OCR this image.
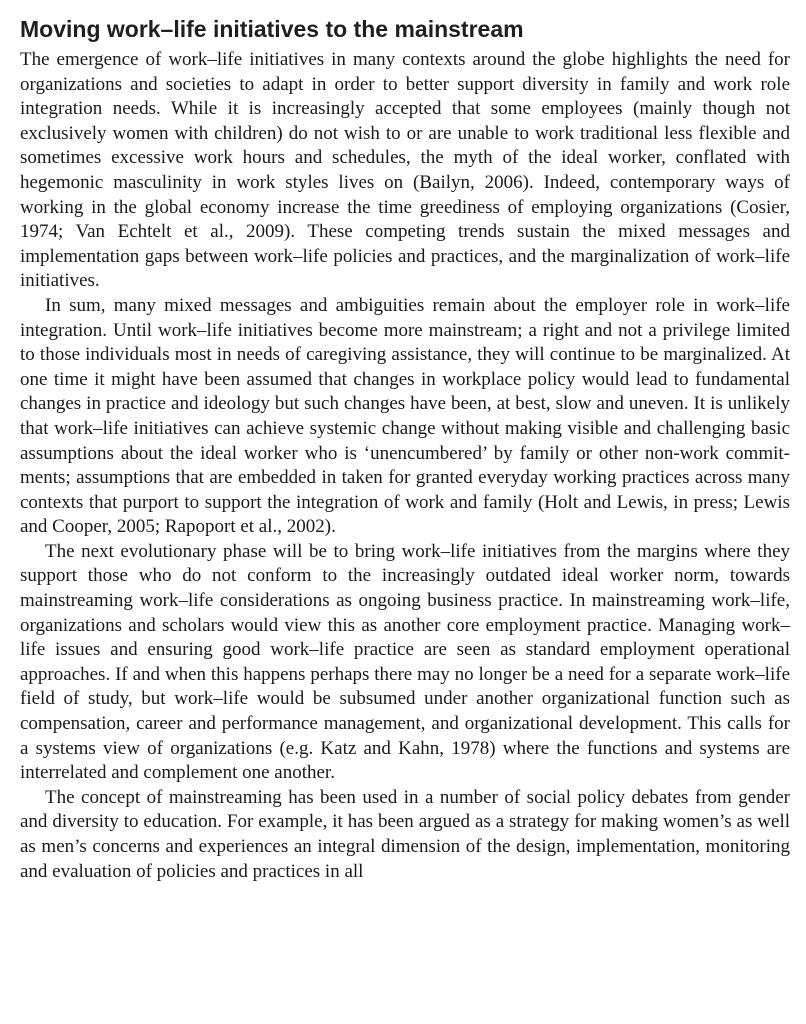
Moving work–life initiatives to the mainstream

The emergence of work–life initiatives in many contexts around the globe highlights the need for organizations and societies to adapt in order to better support diversity in family and work role integration needs. While it is increasingly accepted that some employees (mainly though not exclusively women with children) do not wish to or are unable to work traditional less flexible and sometimes excessive work hours and schedules, the myth of the ideal worker, conflated with hegemonic masculinity in work styles lives on (Bailyn, 2006). Indeed, contemporary ways of working in the global economy increase the time greediness of employing organizations (Cosier, 1974; Van Echtelt et al., 2009). These competing trends sustain the mixed messages and implementation gaps between work–life policies and practices, and the marginalization of work–life initiatives.

In sum, many mixed messages and ambiguities remain about the employer role in work–life integration. Until work–life initiatives become more mainstream; a right and not a privilege limited to those individuals most in needs of caregiving assistance, they will continue to be marginalized. At one time it might have been assumed that changes in workplace policy would lead to fundamental changes in practice and ideology but such changes have been, at best, slow and uneven. It is unlikely that work–life initiatives can achieve systemic change without making visible and challenging basic assumptions about the ideal worker who is ‘unencumbered’ by family or other non-work commitments; assumptions that are embedded in taken for granted everyday working practices across many contexts that purport to support the integration of work and family (Holt and Lewis, in press; Lewis and Cooper, 2005; Rapoport et al., 2002).

The next evolutionary phase will be to bring work–life initiatives from the margins where they support those who do not conform to the increasingly outdated ideal worker norm, towards mainstreaming work–life considerations as ongoing business practice. In mainstreaming work–life, organizations and scholars would view this as another core employment practice. Managing work–life issues and ensuring good work–life practice are seen as standard employment operational approaches. If and when this happens perhaps there may no longer be a need for a separate work–life field of study, but work–life would be subsumed under another organizational function such as compensation, career and performance management, and organizational development. This calls for a systems view of organizations (e.g. Katz and Kahn, 1978) where the functions and systems are interrelated and complement one another.

The concept of mainstreaming has been used in a number of social policy debates from gender and diversity to education. For example, it has been argued as a strategy for making women’s as well as men’s concerns and experiences an integral dimension of the design, implementation, monitoring and evaluation of policies and practices in all
